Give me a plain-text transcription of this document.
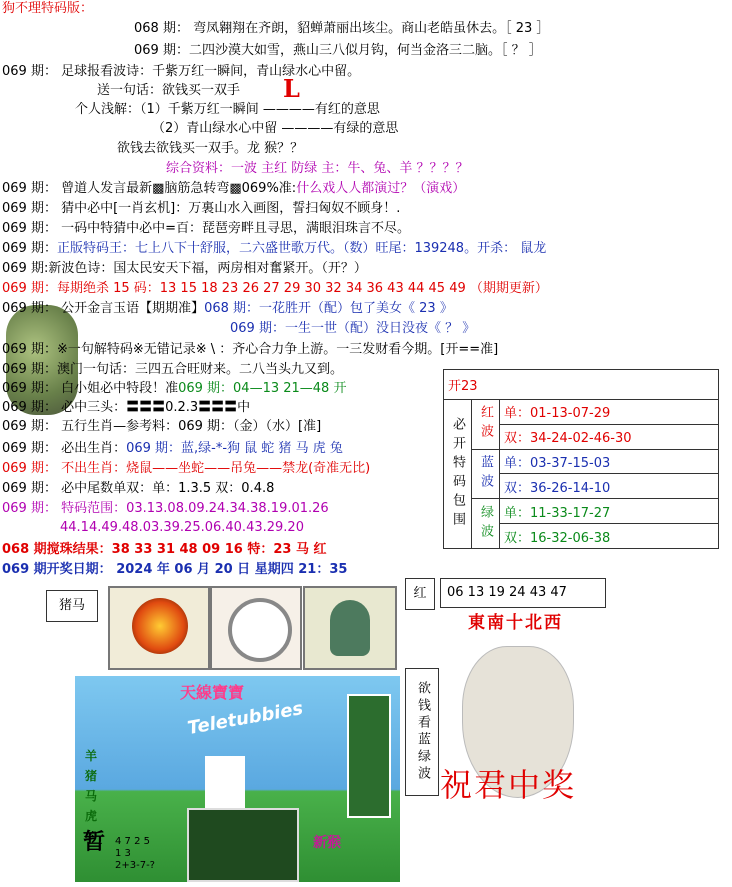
狗不理特码版：
068 期： 弯凤翱翔在齐朗，貂蝉萧丽出垓尘。商山老皓虽休去。［ 23 ］
069 期：二四沙漠大如雪，燕山三八似月钩，何当金洛三二脑。［ ？ ］
069 期： 足球报看波诗：千紫万红一瞬间，青山绿水心中留。
送一句话：欲钱买一双手 L
个人浅解：（1）千紫万红一瞬间 ————有红的意思
（2）青山绿水心中留 ————有绿的意思
欲钱去欲钱买一双手。龙 猴？？
综合资料：一波 主红 防绿 主：牛、兔、羊 ？？？？
069 期： 曾道人发言最新▩脑筋急转弯▩069%准:什么戏人人都演过？（演戏）
069 期： 猜中必中[一肖玄机]：万裏山水入画图，誓扫匈奴不顾身！.
069 期： 一码中特猜中必中=百：琵琶旁畔且寻思，满眼泪珠言不尽。
069 期：正版特码王：七上八下十舒服，二六盛世歌万代。（数）旺尾：139248。开杀： 鼠龙
069 期:新波色诗：国太民安天下福，两房相对奮紧开。（开？）
069 期：每期绝杀 15 码：13 15 18 23 26 27 29 30 32 34 36 43 44 45 49 （期期更新）
069 期： 公开金言玉语【期期准】068 期：一花胜开（配）包了美女《 23 》
069 期：一生一世（配）没日没夜《 ？ 》
069 期：※一句解特码※无错记录※ \ ：齐心合力争上游。一三发财看今期。[开==准]
069 期：澳门一句话：三四五合旺财来。二八当头九又到。
069 期： 白小姐必中特段！准069 期：04—13 21—48 开
069 期： 必中三头：〓〓〓0.2.3〓〓〓中
069 期： 五行生肖—参考料：069 期：（金）（水）[准]
069 期： 必出生肖：069 期：蓝,绿-*-狗 鼠 蛇 猪 马 虎 兔
069 期： 不出生肖：烧鼠——坐蛇——吊兔——禁龙(奇准无比)
069 期： 必中尾数单双：单：1.3.5 双：0.4.8
069 期： 特码范围：03.13.08.09.24.34.38.19.01.26
44.14.49.48.03.39.25.06.40.43.29.20
068 期搅珠结果：38 33 31 48 09 16 特：23 马 红
069 期开奖日期： 2024 年 06 月 20 日 星期四 21：35
开23		
必开特码包围	红波	单：01-13-07-29
		双：34-24-02-46-30
	蓝波	单：03-37-15-03
		双：36-26-14-10
	绿波	单：11-33-17-27
		双：16-32-06-38
猪马
红	06 13 19 24 43 47
欲钱看蓝绿波
天線寶寶
Teletubbies
羊猪马虎
暂 4 7 2 5 1 3 2+3-7-?
新猴
東南十北西
祝君中奖
